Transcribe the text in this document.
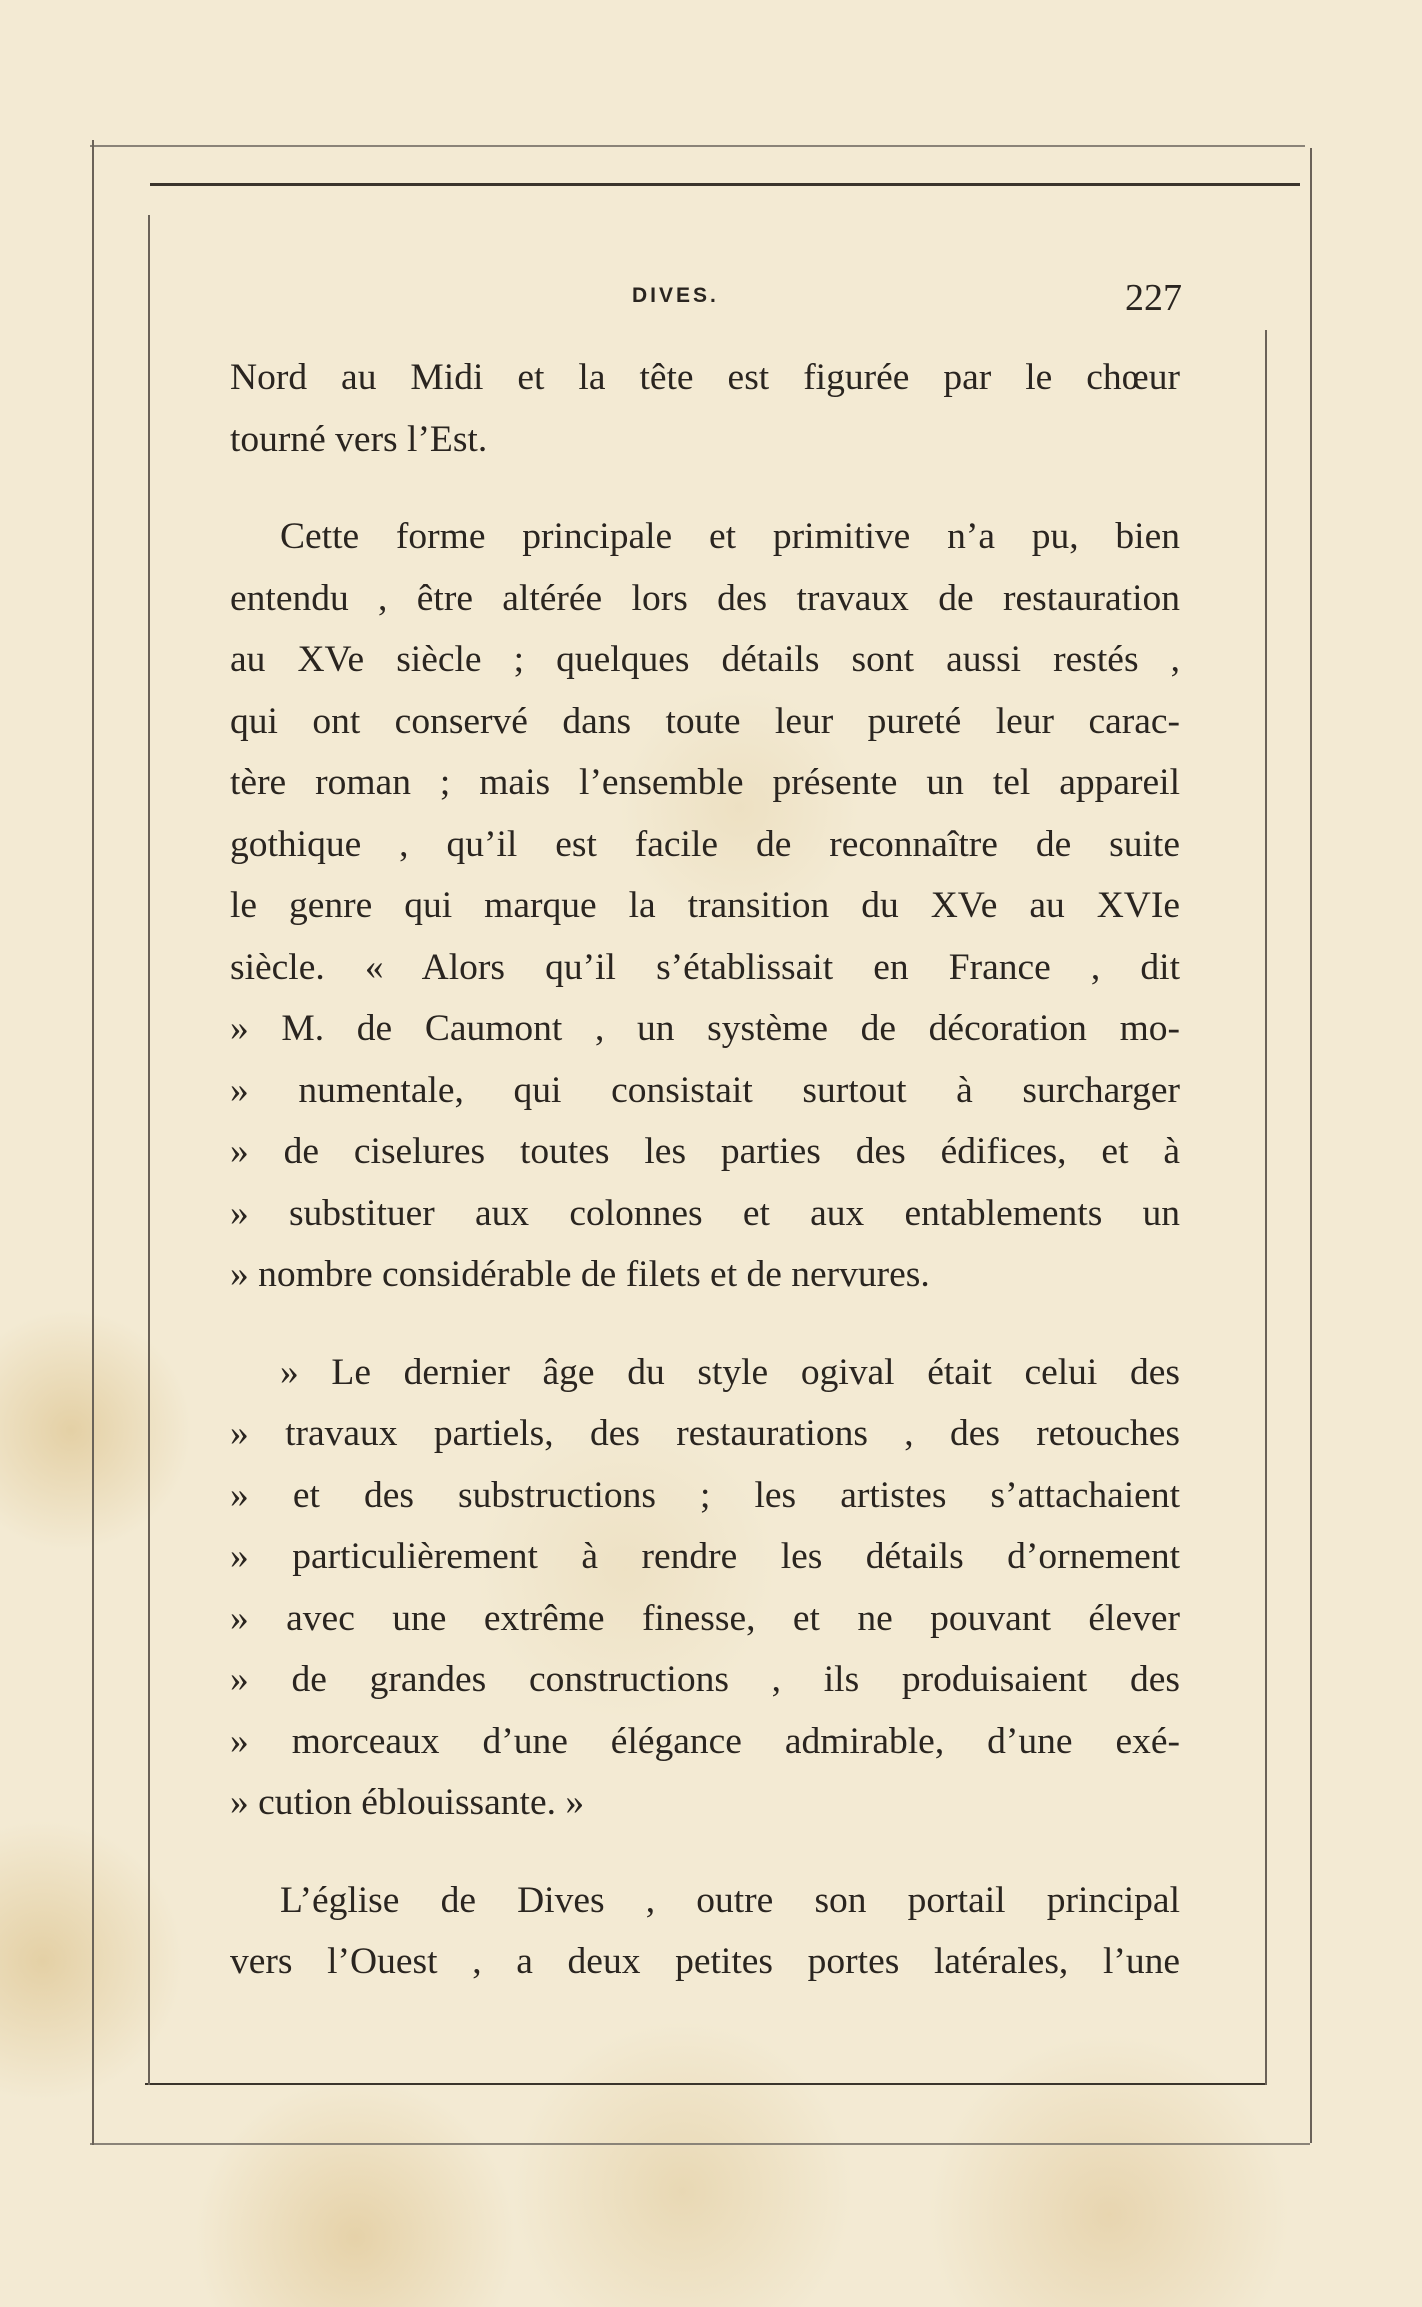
DIVES.	227
Nord au Midi et la tête est figurée par le chœur
tourné vers l’Est.
Cette forme principale et primitive n’a pu, bien
entendu , être altérée lors des travaux de restauration
au XVe siècle ; quelques détails sont aussi restés ,
qui ont conservé dans toute leur pureté leur carac-
tère roman ; mais l’ensemble présente un tel appareil
gothique , qu’il est facile de reconnaître de suite
le genre qui marque la transition du XVe au XVIe
siècle. « Alors qu’il s’établissait en France , dit
» M. de Caumont , un système de décoration mo-
» numentale, qui consistait surtout à surcharger
» de ciselures toutes les parties des édifices, et à
» substituer aux colonnes et aux entablements un
» nombre considérable de filets et de nervures.
» Le dernier âge du style ogival était celui des
» travaux partiels, des restaurations , des retouches
» et des substructions ; les artistes s’attachaient
» particulièrement à rendre les détails d’ornement
» avec une extrême finesse, et ne pouvant élever
» de grandes constructions , ils produisaient des
» morceaux d’une élégance admirable, d’une exé-
» cution éblouissante. »
L’église de Dives , outre son portail principal
vers l’Ouest , a deux petites portes latérales, l’une
